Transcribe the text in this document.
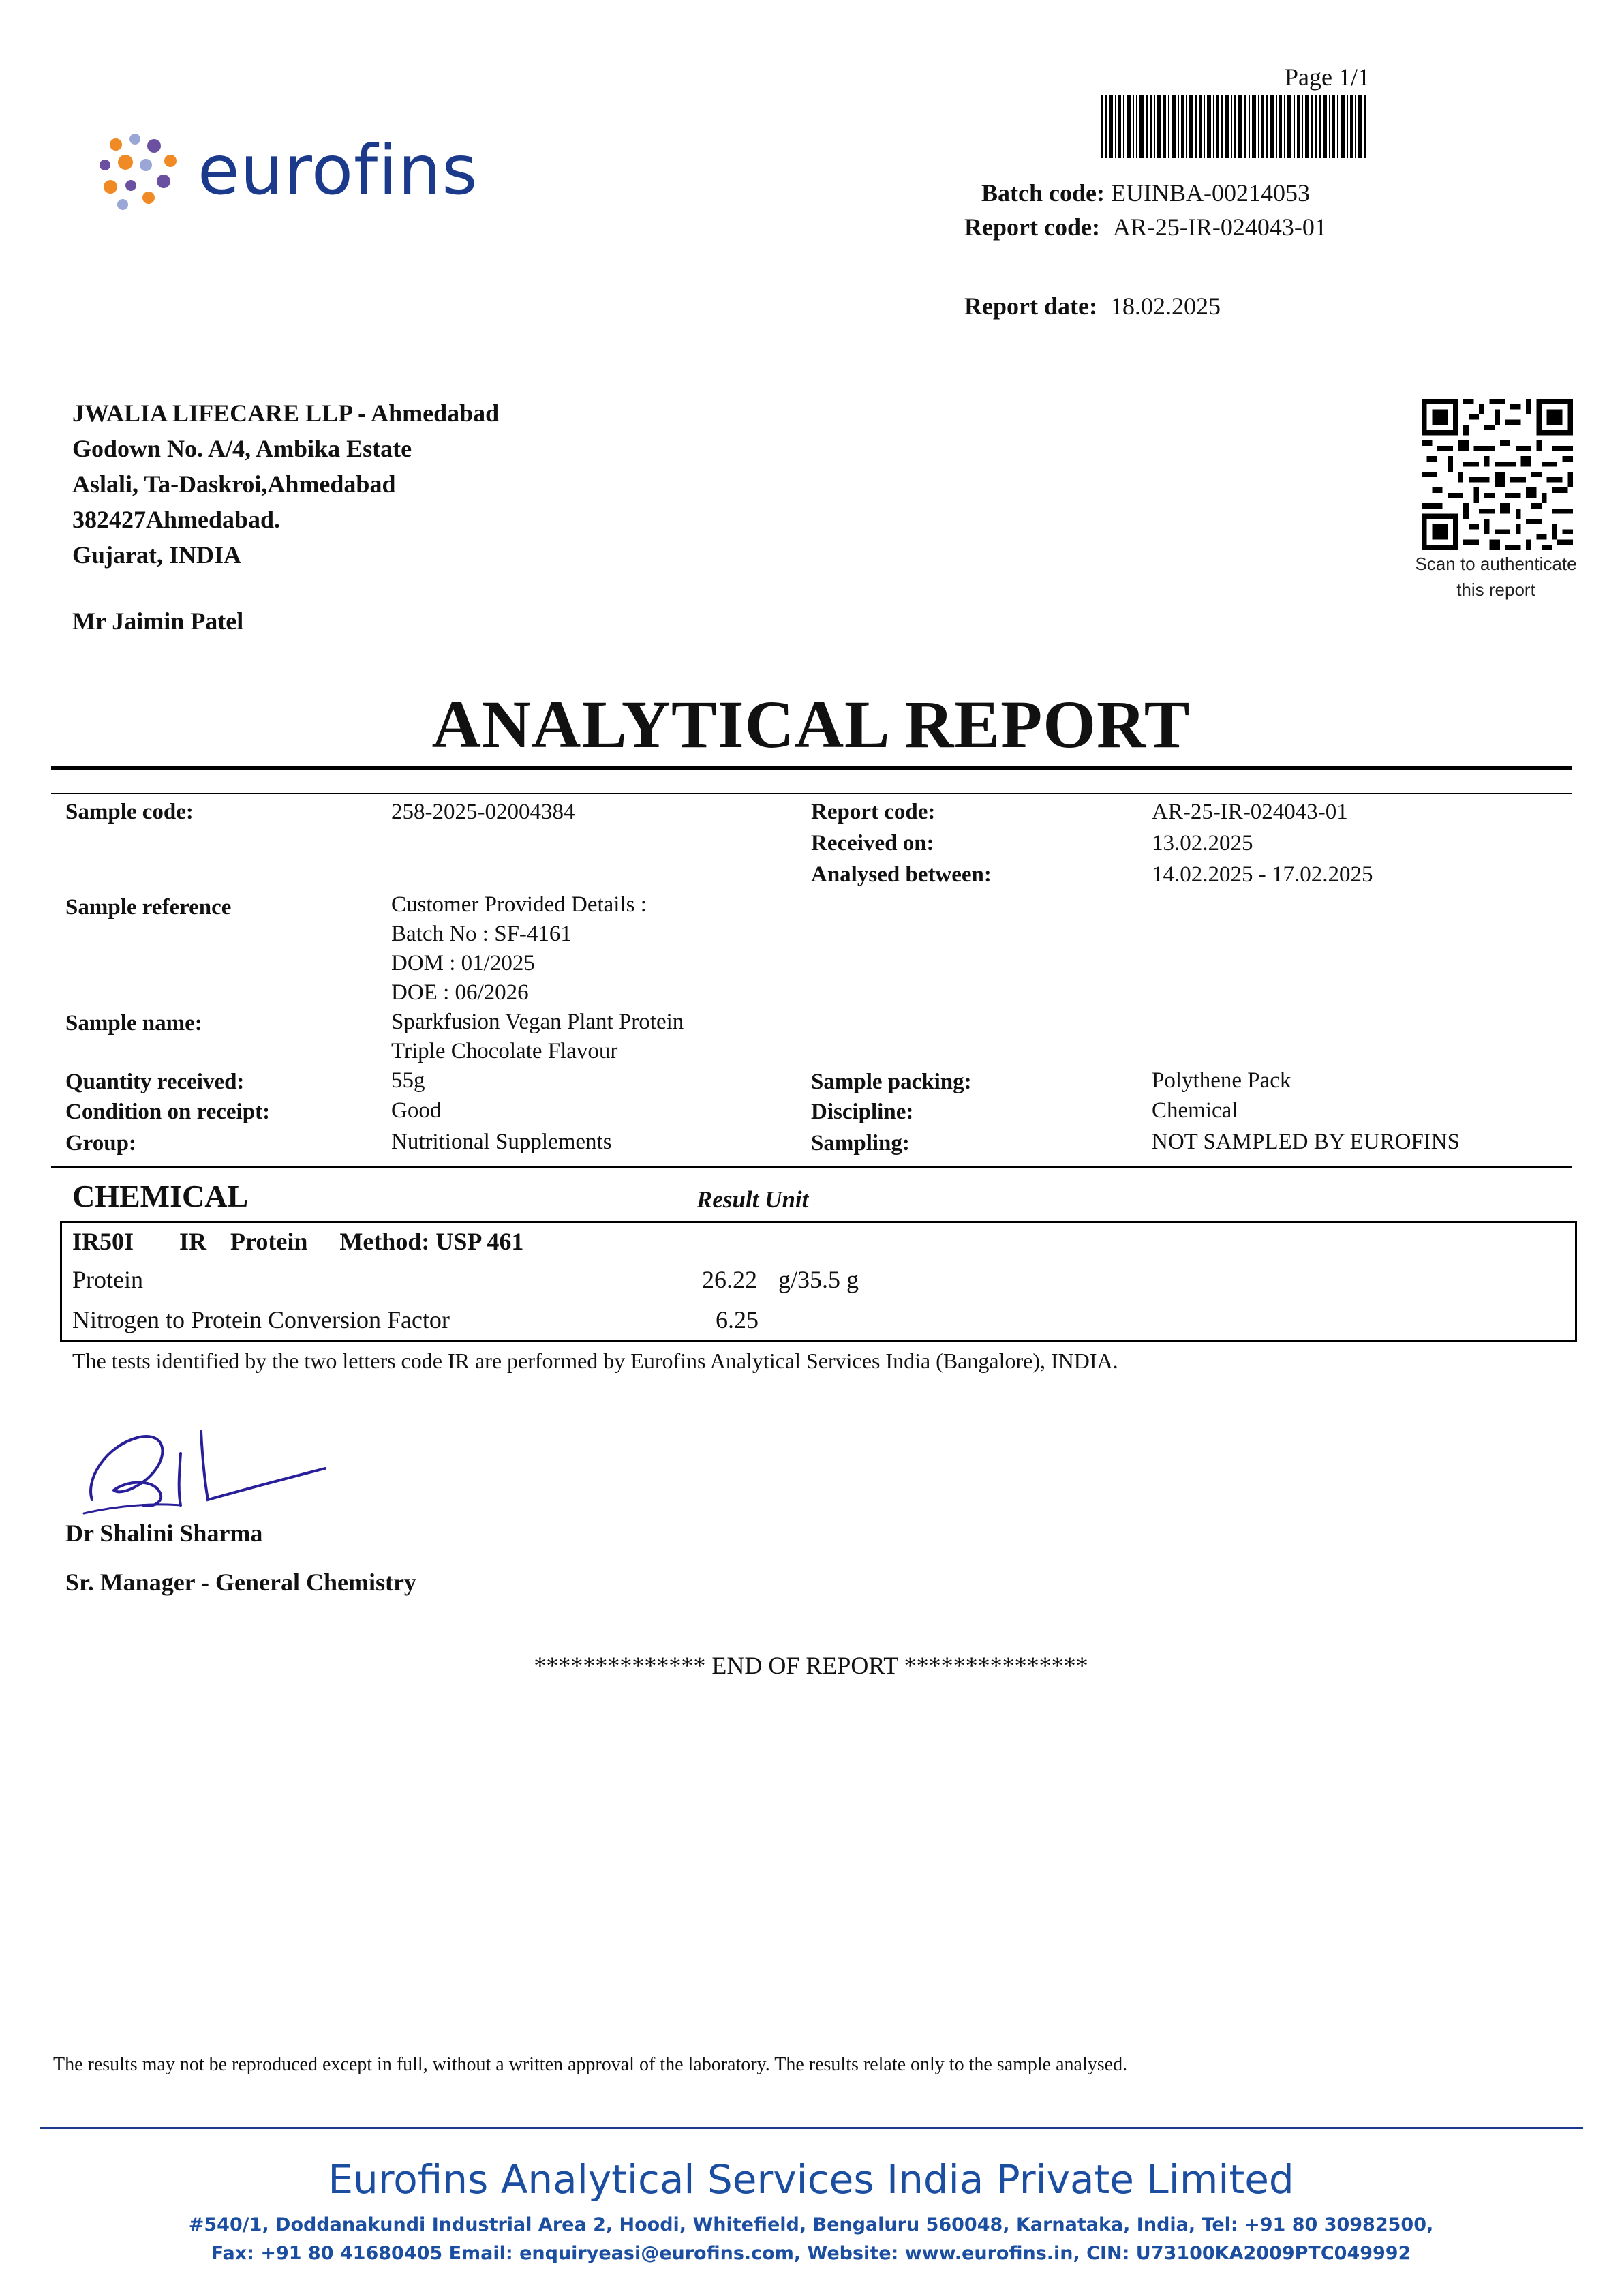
eurofins
Page 1/1
Batch code: EUINBA-00214053
Report code: AR-25-IR-024043-01
Report date: 18.02.2025
JWALIA LIFECARE LLP - Ahmedabad
Godown No. A/4, Ambika Estate
Aslali, Ta-Daskroi,Ahmedabad
382427Ahmedabad.
Gujarat, INDIA
Mr Jaimin Patel
Scan to authenticate
this report
ANALYTICAL REPORT
Sample code:	258-2025-02004384	Report code:	AR-25-IR-024043-01
Received on:	13.02.2025
Analysed between:	14.02.2025 - 17.02.2025
Sample reference	Customer Provided Details :
Batch No : SF-4161
DOM : 01/2025
DOE : 06/2026
Sample name:	Sparkfusion Vegan Plant Protein
Triple Chocolate Flavour
Quantity received:	55g	Sample packing:	Polythene Pack
Condition on receipt:	Good	Discipline:	Chemical
Group:	Nutritional Supplements	Sampling:	NOT SAMPLED BY EUROFINS
CHEMICAL	Result Unit
IR50I IR Protein Method: USP 461
Protein	26.22 g/35.5 g
Nitrogen to Protein Conversion Factor	6.25
The tests identified by the two letters code IR are performed by Eurofins Analytical Services India (Bangalore), INDIA.
Dr Shalini Sharma
Sr. Manager - General Chemistry
************** END OF REPORT ***************
The results may not be reproduced except in full, without a written approval of the laboratory. The results relate only to the sample analysed.
Eurofins Analytical Services India Private Limited
#540/1, Doddanakundi Industrial Area 2, Hoodi, Whitefield, Bengaluru 560048, Karnataka, India, Tel: +91 80 30982500,
Fax: +91 80 41680405 Email: enquiryeasi@eurofins.com, Website: www.eurofins.in, CIN: U73100KA2009PTC049992
